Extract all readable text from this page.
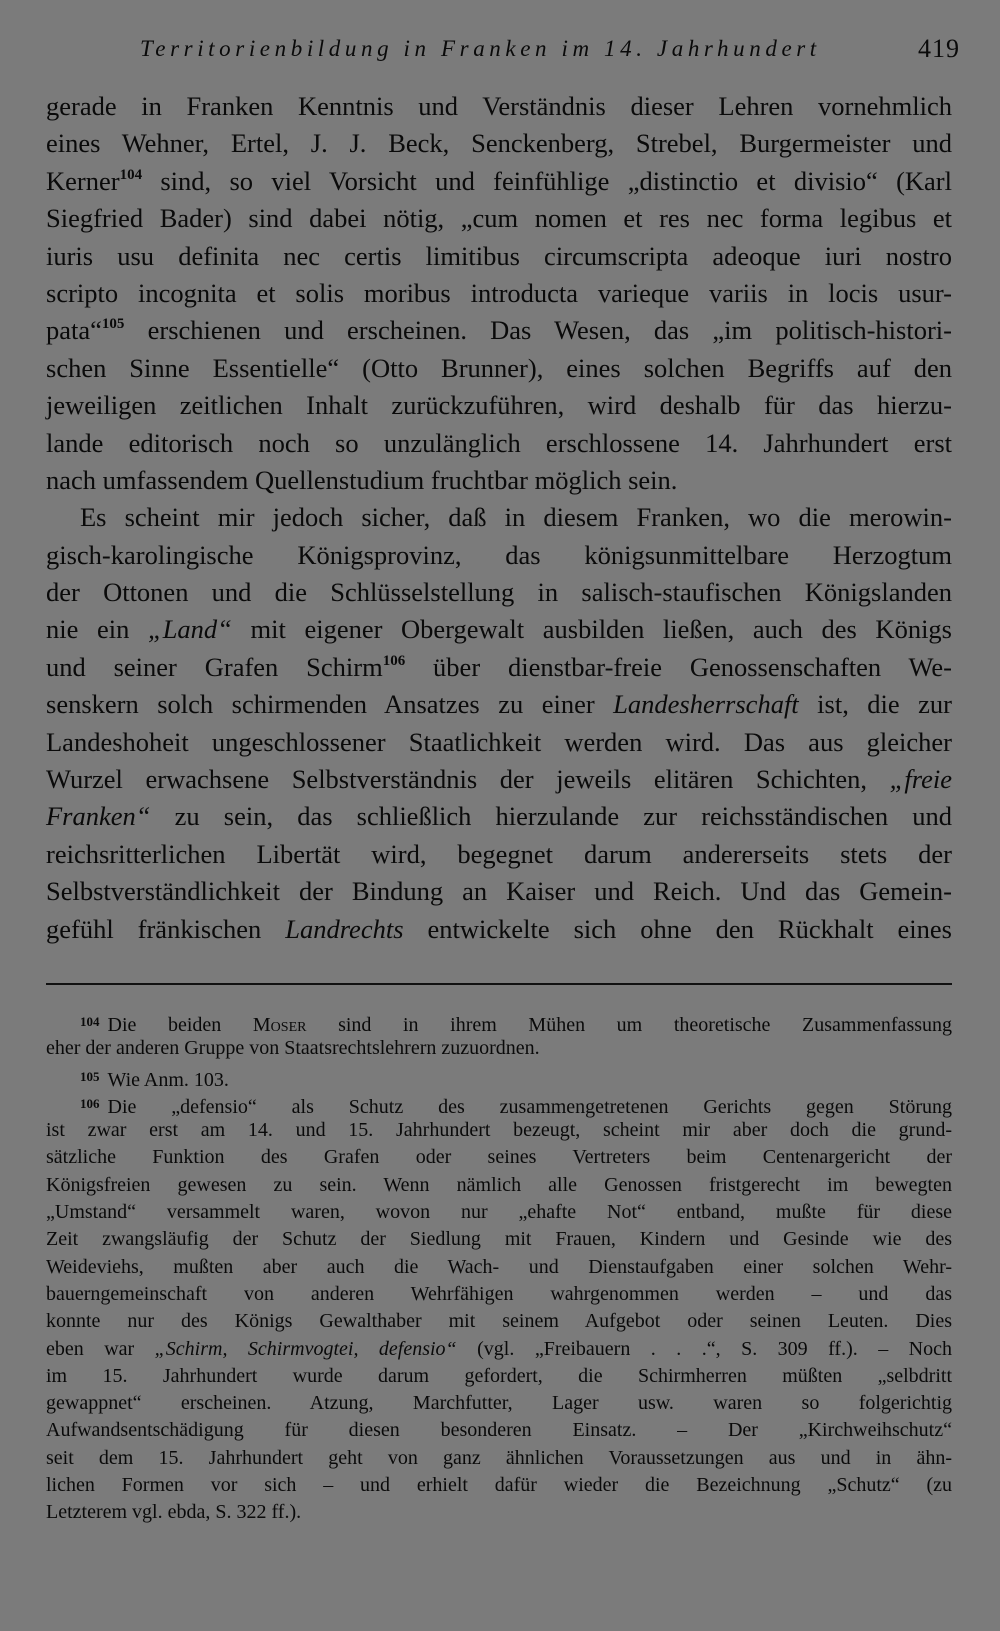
Territorienbildung in Franken im 14. Jahrhundert	419
gerade in Franken Kenntnis und Verständnis dieser Lehren vornehmlich
eines Wehner, Ertel, J. J. Beck, Senckenberg, Strebel, Burgermeister und
Kerner$^{104}$ sind, so viel Vorsicht und feinfühlige „distinctio et divisio“ (Karl
Siegfried Bader) sind dabei nötig, „cum nomen et res nec forma legibus et
iuris usu definita nec certis limitibus circumscripta adeoque iuri nostro
scripto incognita et solis moribus introducta varieque variis in locis usur-
pata“$^{105}$ erschienen und erscheinen. Das Wesen, das „im politisch-histori-
schen Sinne Essentielle“ (Otto Brunner), eines solchen Begriffs auf den
jeweiligen zeitlichen Inhalt zurückzuführen, wird deshalb für das hierzu-
lande editorisch noch so unzulänglich erschlossene 14. Jahrhundert erst
nach umfassendem Quellenstudium fruchtbar möglich sein.
Es scheint mir jedoch sicher, daß in diesem Franken, wo die merowin-
gisch-karolingische Königsprovinz, das königsunmittelbare Herzogtum
der Ottonen und die Schlüsselstellung in salisch-staufischen Königslanden
nie ein „Land“ mit eigener Obergewalt ausbilden ließen, auch des Königs
und seiner Grafen Schirm$^{106}$ über dienstbar-freie Genossenschaften We-
senskern solch schirmenden Ansatzes zu einer Landesherrschaft ist, die zur
Landeshoheit ungeschlossener Staatlichkeit werden wird. Das aus gleicher
Wurzel erwachsene Selbstverständnis der jeweils elitären Schichten, „freie
Franken“ zu sein, das schließlich hierzulande zur reichsständischen und
reichsritterlichen Libertät wird, begegnet darum andererseits stets der
Selbstverständlichkeit der Bindung an Kaiser und Reich. Und das Gemein-
gefühl fränkischen Landrechts entwickelte sich ohne den Rückhalt eines
$^{104}$ Die beiden Moser sind in ihrem Mühen um theoretische Zusammenfassung
eher der anderen Gruppe von Staatsrechtslehrern zuzuordnen.
$^{105}$ Wie Anm. 103.
$^{106}$ Die „defensio“ als Schutz des zusammengetretenen Gerichts gegen Störung
ist zwar erst am 14. und 15. Jahrhundert bezeugt, scheint mir aber doch die grund-
sätzliche Funktion des Grafen oder seines Vertreters beim Centenargericht der
Königsfreien gewesen zu sein. Wenn nämlich alle Genossen fristgerecht im bewegten
„Umstand“ versammelt waren, wovon nur „ehafte Not“ entband, mußte für diese
Zeit zwangsläufig der Schutz der Siedlung mit Frauen, Kindern und Gesinde wie des
Weideviehs, mußten aber auch die Wach- und Dienstaufgaben einer solchen Wehr-
bauerngemeinschaft von anderen Wehrfähigen wahrgenommen werden – und das
konnte nur des Königs Gewalthaber mit seinem Aufgebot oder seinen Leuten. Dies
eben war „Schirm, Schirmvogtei, defensio“ (vgl. „Freibauern . . .“, S. 309 ff.). – Noch
im 15. Jahrhundert wurde darum gefordert, die Schirmherren müßten „selbdritt
gewappnet“ erscheinen. Atzung, Marchfutter, Lager usw. waren so folgerichtig
Aufwandsentschädigung für diesen besonderen Einsatz. – Der „Kirchweihschutz“
seit dem 15. Jahrhundert geht von ganz ähnlichen Voraussetzungen aus und in ähn-
lichen Formen vor sich – und erhielt dafür wieder die Bezeichnung „Schutz“ (zu
Letzterem vgl. ebda, S. 322 ff.).
